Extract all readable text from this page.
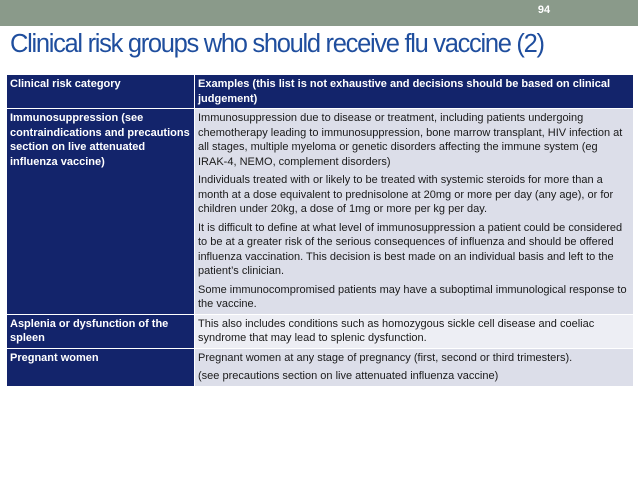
94
Clinical risk groups who should receive flu vaccine (2)
Clinical risk category	Examples (this list is not exhaustive and decisions should be based on clinical judgement)
Immunosuppression (see contraindications and precautions section on live attenuated influenza vaccine)	Immunosuppression due to disease or treatment, including patients undergoing chemotherapy leading to immunosuppression, bone marrow transplant, HIV infection at all stages, multiple myeloma or genetic disorders affecting the immune system (eg IRAK-4, NEMO, complement disorders)

Individuals treated with or likely to be treated with systemic steroids for more than a month at a dose equivalent to prednisolone at 20mg or more per day (any age), or for children under 20kg, a dose of 1mg or more per kg per day.

It is difficult to define at what level of immunosuppression a patient could be considered to be at a greater risk of the serious consequences of influenza and should be offered influenza vaccination. This decision is best made on an individual basis and left to the patient’s clinician.

Some immunocompromised patients may have a suboptimal immunological response to the vaccine.

Asplenia or dysfunction of the spleen	This also includes conditions such as homozygous sickle cell disease and coeliac syndrome that may lead to splenic dysfunction.

Pregnant women	Pregnant women at any stage of pregnancy (first, second or third trimesters).

(see precautions section on live attenuated influenza vaccine)
